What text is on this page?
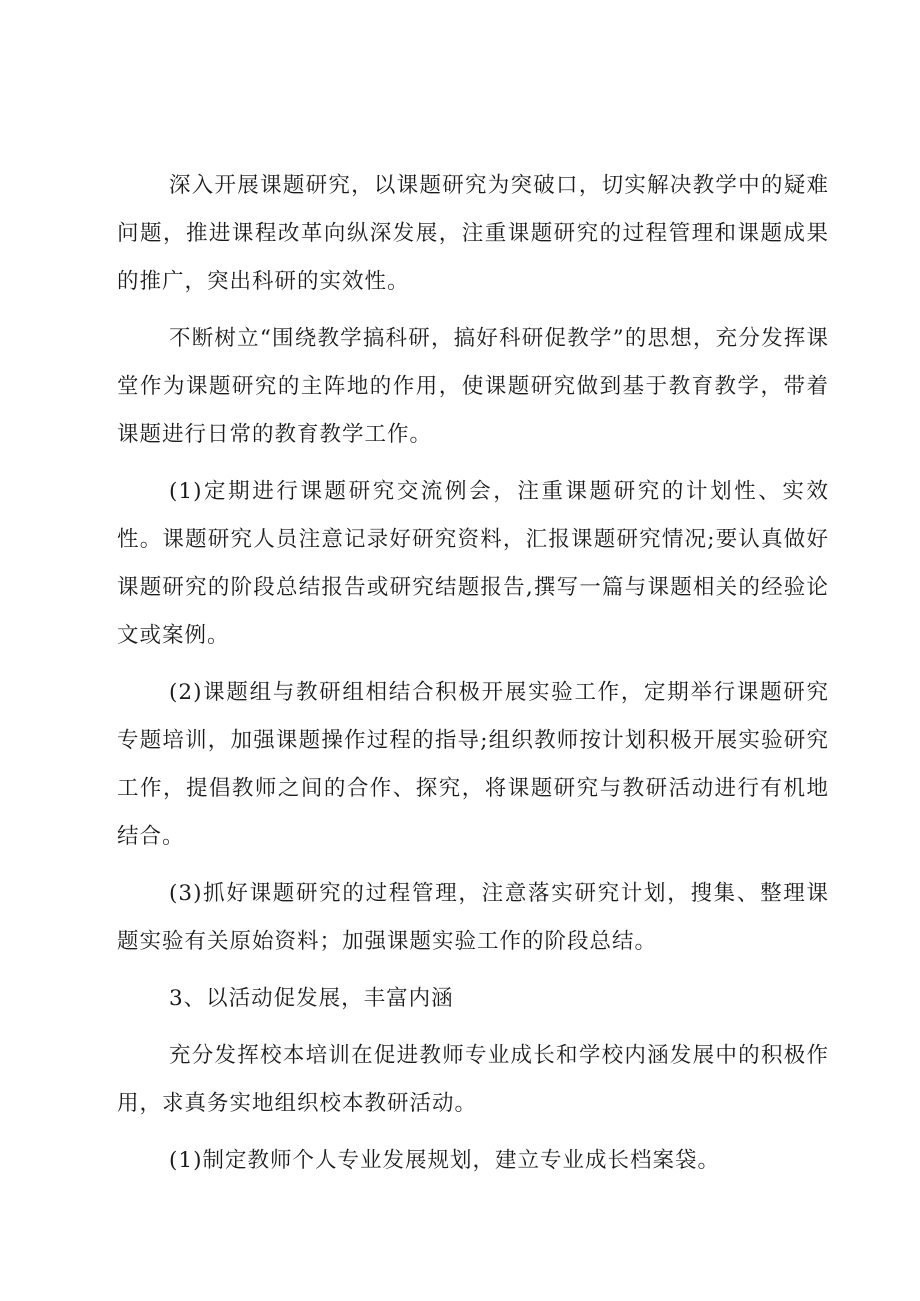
深入开展课题研究，以课题研究为突破口，切实解决教学中的疑难问题，推进课程改革向纵深发展，注重课题研究的过程管理和课题成果的推广，突出科研的实效性。

不断树立“围绕教学搞科研，搞好科研促教学”的思想，充分发挥课堂作为课题研究的主阵地的作用，使课题研究做到基于教育教学，带着课题进行日常的教育教学工作。

(1)定期进行课题研究交流例会，注重课题研究的计划性、实效性。课题研究人员注意记录好研究资料，汇报课题研究情况;要认真做好课题研究的阶段总结报告或研究结题报告,撰写一篇与课题相关的经验论文或案例。

(2)课题组与教研组相结合积极开展实验工作，定期举行课题研究专题培训，加强课题操作过程的指导;组织教师按计划积极开展实验研究工作，提倡教师之间的合作、探究，将课题研究与教研活动进行有机地结合。

(3)抓好课题研究的过程管理，注意落实研究计划，搜集、整理课题实验有关原始资料；加强课题实验工作的阶段总结。

3、以活动促发展，丰富内涵

充分发挥校本培训在促进教师专业成长和学校内涵发展中的积极作用，求真务实地组织校本教研活动。

(1)制定教师个人专业发展规划，建立专业成长档案袋。
